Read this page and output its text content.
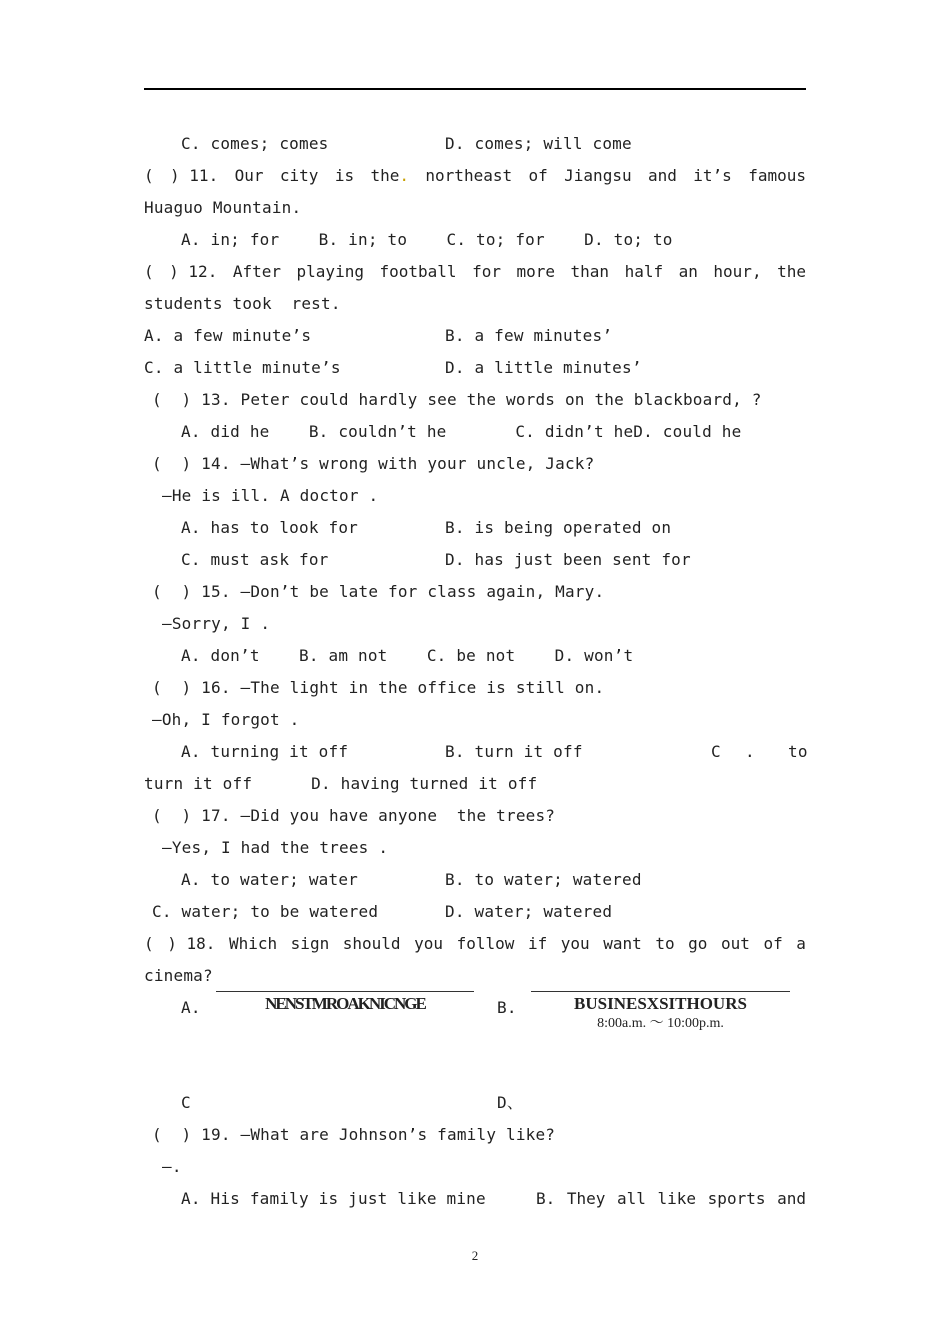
C. comes; comes	D. comes; will come
( ) 11. Our city is the. northeast of Jiangsu and it’s famous
Huaguo Mountain.
A. in; for    B. in; to    C. to; for    D. to; to
( ) 12. After playing football for more than half an hour, the
students took  rest.
A. a few minute’s	B. a few minutes’
C. a little minute’s	D. a little minutes’
(  ) 13. Peter could hardly see the words on the blackboard, ?
A. did he    B. couldn’t he       C. didn’t heD. could he
(  ) 14. —What’s wrong with your uncle, Jack?
—He is ill. A doctor .
A. has to look for	B. is being operated on
C. must ask for	D. has just been sent for
(  ) 15. —Don’t be late for class again, Mary.
—Sorry, I .
A. don’t    B. am not    C. be not    D. won’t
(  ) 16. —The light in the office is still on.
—Oh, I forgot .
A. turning it off	B. turn it off	C . to
turn it off      D. having turned it off
(  ) 17. —Did you have anyone  the trees?
—Yes, I had the trees .
A. to water; water	B. to water; watered
C. water; to be watered	D. water; watered
( ) 18. Which sign should you follow if you want to go out of a
cinema?
A.	NENSTMROAKNICNGE	B.	BUSINESXSITHOURS
8:00a.m. ～ 10:00p.m.
C	D、
(  ) 19. —What are Johnson’s family like?
—.
A. His family is just like mine	B. They all like sports and
2
